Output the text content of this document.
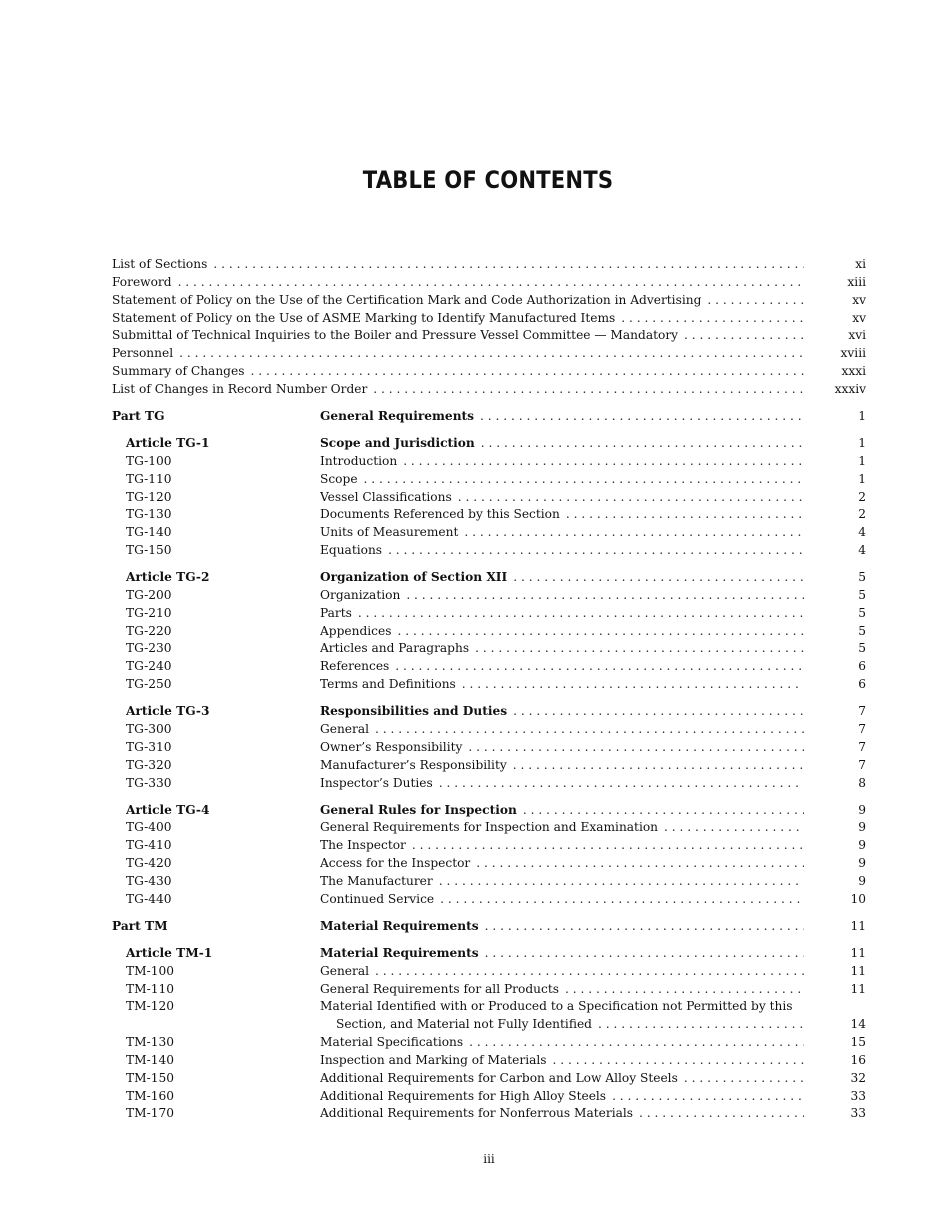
TABLE OF CONTENTS
List of Sections . . .	xi
Foreword . . .	xiii
Statement of Policy on the Use of the Certification Mark and Code Authorization in Advertising . . .	xv
Statement of Policy on the Use of ASME Marking to Identify Manufactured Items . . .	xv
Submittal of Technical Inquiries to the Boiler and Pressure Vessel Committee — Mandatory . . .	xvi
Personnel . . .	xviii
Summary of Changes . . .	xxxi
List of Changes in Record Number Order . . .	xxxiv
Part TG	General Requirements . . .	1
Article TG-1	Scope and Jurisdiction . . .	1
TG-100	Introduction . . .	1
TG-110	Scope . . .	1
TG-120	Vessel Classifications . . .	2
TG-130	Documents Referenced by this Section . . .	2
TG-140	Units of Measurement . . .	4
TG-150	Equations . . .	4
Article TG-2	Organization of Section XII . . .	5
TG-200	Organization . . .	5
TG-210	Parts . . .	5
TG-220	Appendices . . .	5
TG-230	Articles and Paragraphs . . .	5
TG-240	References . . .	6
TG-250	Terms and Definitions . . .	6
Article TG-3	Responsibilities and Duties . . .	7
TG-300	General . . .	7
TG-310	Owner’s Responsibility . . .	7
TG-320	Manufacturer’s Responsibility . . .	7
TG-330	Inspector’s Duties . . .	8
Article TG-4	General Rules for Inspection . . .	9
TG-400	General Requirements for Inspection and Examination . . .	9
TG-410	The Inspector . . .	9
TG-420	Access for the Inspector . . .	9
TG-430	The Manufacturer . . .	9
TG-440	Continued Service . . .	10
Part TM	Material Requirements . . .	11
Article TM-1	Material Requirements . . .	11
TM-100	General . . .	11
TM-110	General Requirements for all Products . . .	11
TM-120	Material Identified with or Produced to a Specification not Permitted by this
Section, and Material not Fully Identified . . .	14
TM-130	Material Specifications . . .	15
TM-140	Inspection and Marking of Materials . . .	16
TM-150	Additional Requirements for Carbon and Low Alloy Steels . . .	32
TM-160	Additional Requirements for High Alloy Steels . . .	33
TM-170	Additional Requirements for Nonferrous Materials . . .	33
iii
